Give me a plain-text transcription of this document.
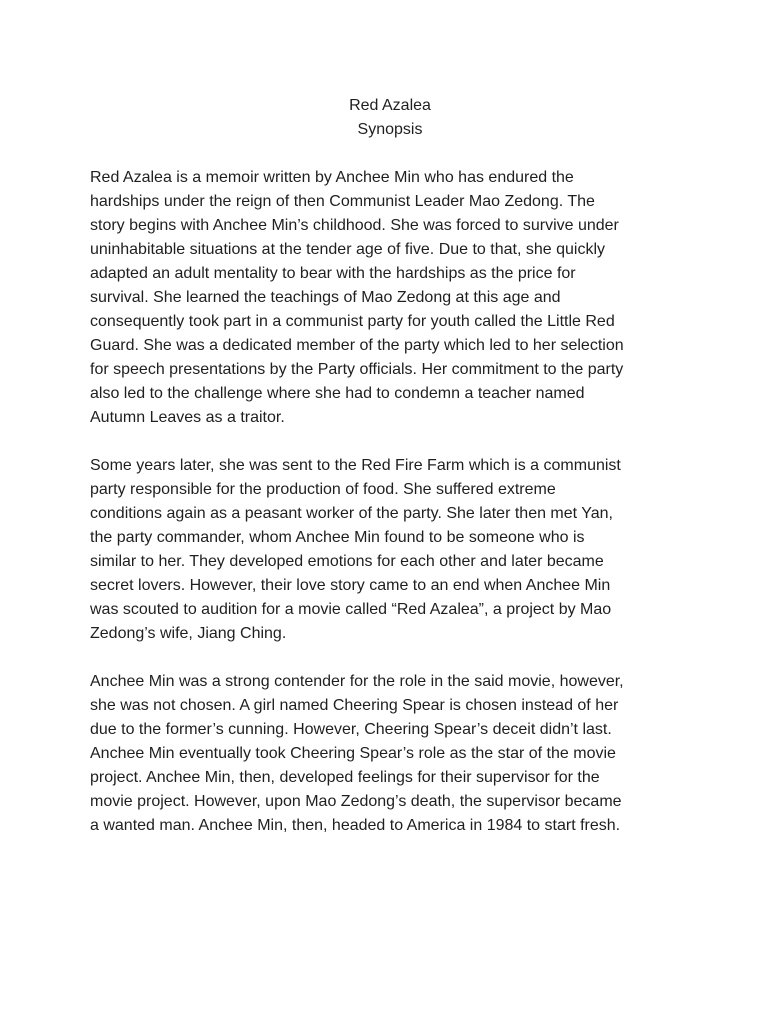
Red Azalea
Synopsis

Red Azalea is a memoir written by Anchee Min who has endured the
hardships under the reign of then Communist Leader Mao Zedong. The
story begins with Anchee Min’s childhood. She was forced to survive under
uninhabitable situations at the tender age of five. Due to that, she quickly
adapted an adult mentality to bear with the hardships as the price for
survival. She learned the teachings of Mao Zedong at this age and
consequently took part in a communist party for youth called the Little Red
Guard. She was a dedicated member of the party which led to her selection
for speech presentations by the Party officials. Her commitment to the party
also led to the challenge where she had to condemn a teacher named
Autumn Leaves as a traitor.

Some years later, she was sent to the Red Fire Farm which is a communist
party responsible for the production of food. She suffered extreme
conditions again as a peasant worker of the party. She later then met Yan,
the party commander, whom Anchee Min found to be someone who is
similar to her. They developed emotions for each other and later became
secret lovers. However, their love story came to an end when Anchee Min
was scouted to audition for a movie called “Red Azalea”, a project by Mao
Zedong’s wife, Jiang Ching.

Anchee Min was a strong contender for the role in the said movie, however,
she was not chosen. A girl named Cheering Spear is chosen instead of her
due to the former’s cunning. However, Cheering Spear’s deceit didn’t last.
Anchee Min eventually took Cheering Spear’s role as the star of the movie
project. Anchee Min, then, developed feelings for their supervisor for the
movie project. However, upon Mao Zedong’s death, the supervisor became
a wanted man. Anchee Min, then, headed to America in 1984 to start fresh.
